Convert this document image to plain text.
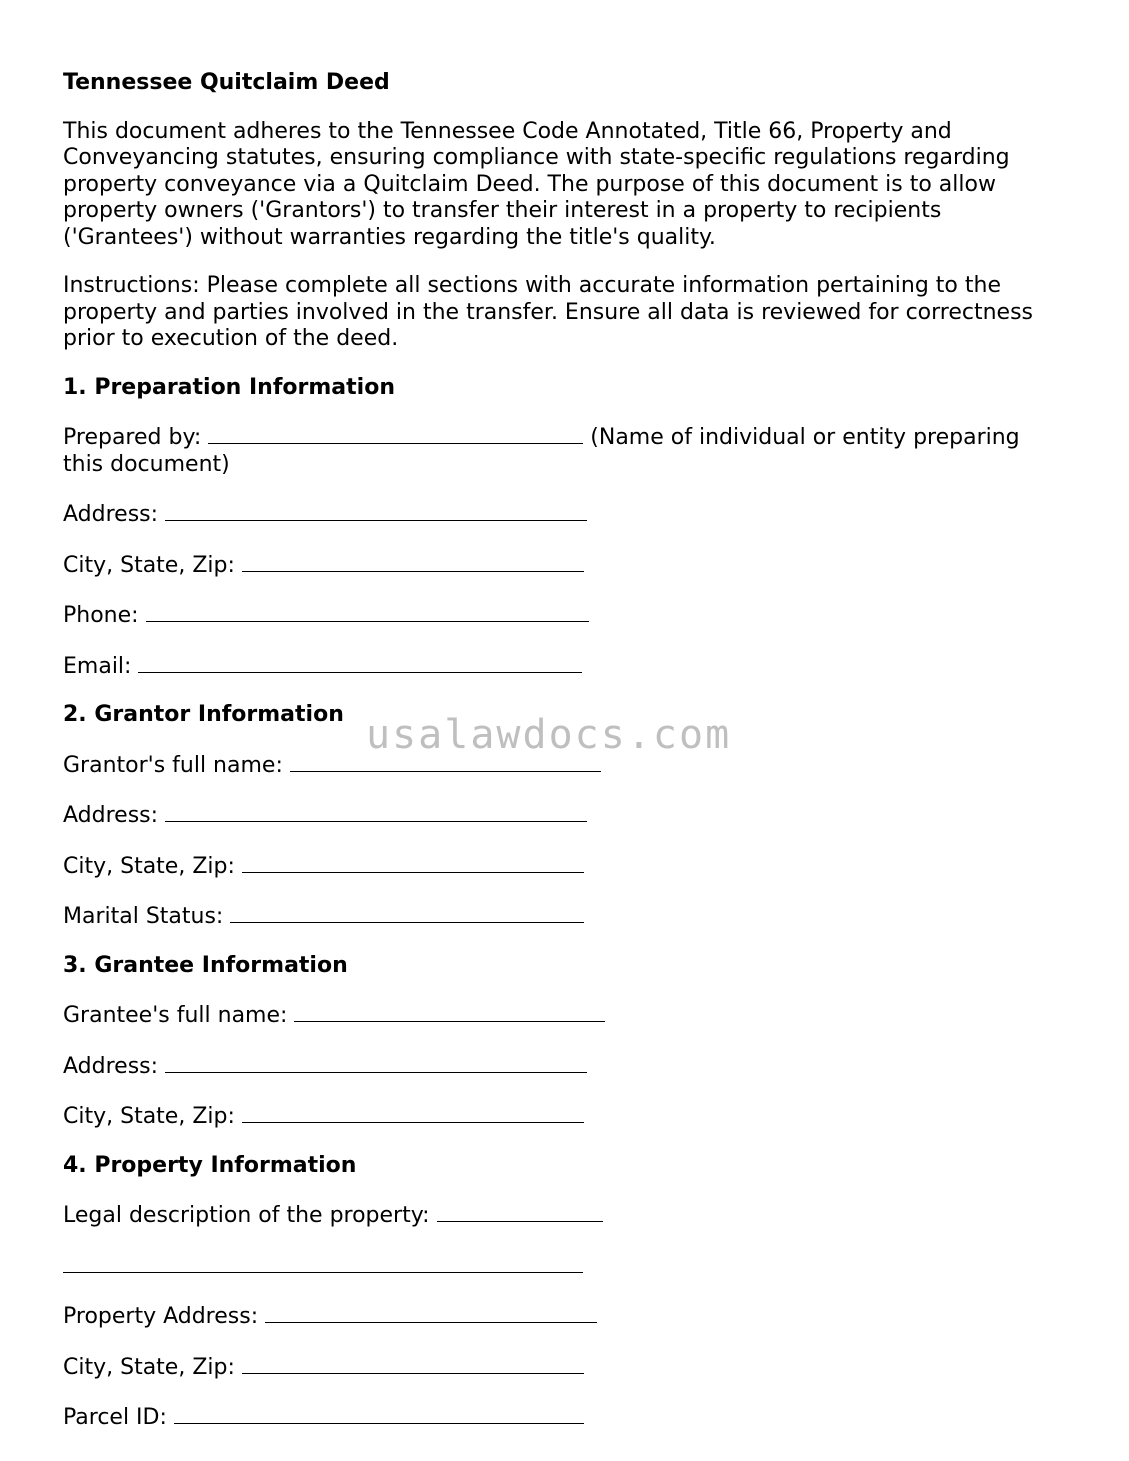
Tennessee Quitclaim Deed
This document adheres to the Tennessee Code Annotated, Title 66, Property and Conveyancing statutes, ensuring compliance with state-specific regulations regarding property conveyance via a Quitclaim Deed. The purpose of this document is to allow property owners ('Grantors') to transfer their interest in a property to recipients ('Grantees') without warranties regarding the title's quality.
Instructions: Please complete all sections with accurate information pertaining to the property and parties involved in the transfer. Ensure all data is reviewed for correctness prior to execution of the deed.
1. Preparation Information
Prepared by:	(Name of individual or entity preparing this document)
Address:
City, State, Zip:
Phone:
Email:
2. Grantor Information
Grantor's full name:
Address:
City, State, Zip:
Marital Status:
3. Grantee Information
Grantee's full name:
Address:
City, State, Zip:
4. Property Information
Legal description of the property:
Property Address:
City, State, Zip:
Parcel ID:
usalawdocs.com
